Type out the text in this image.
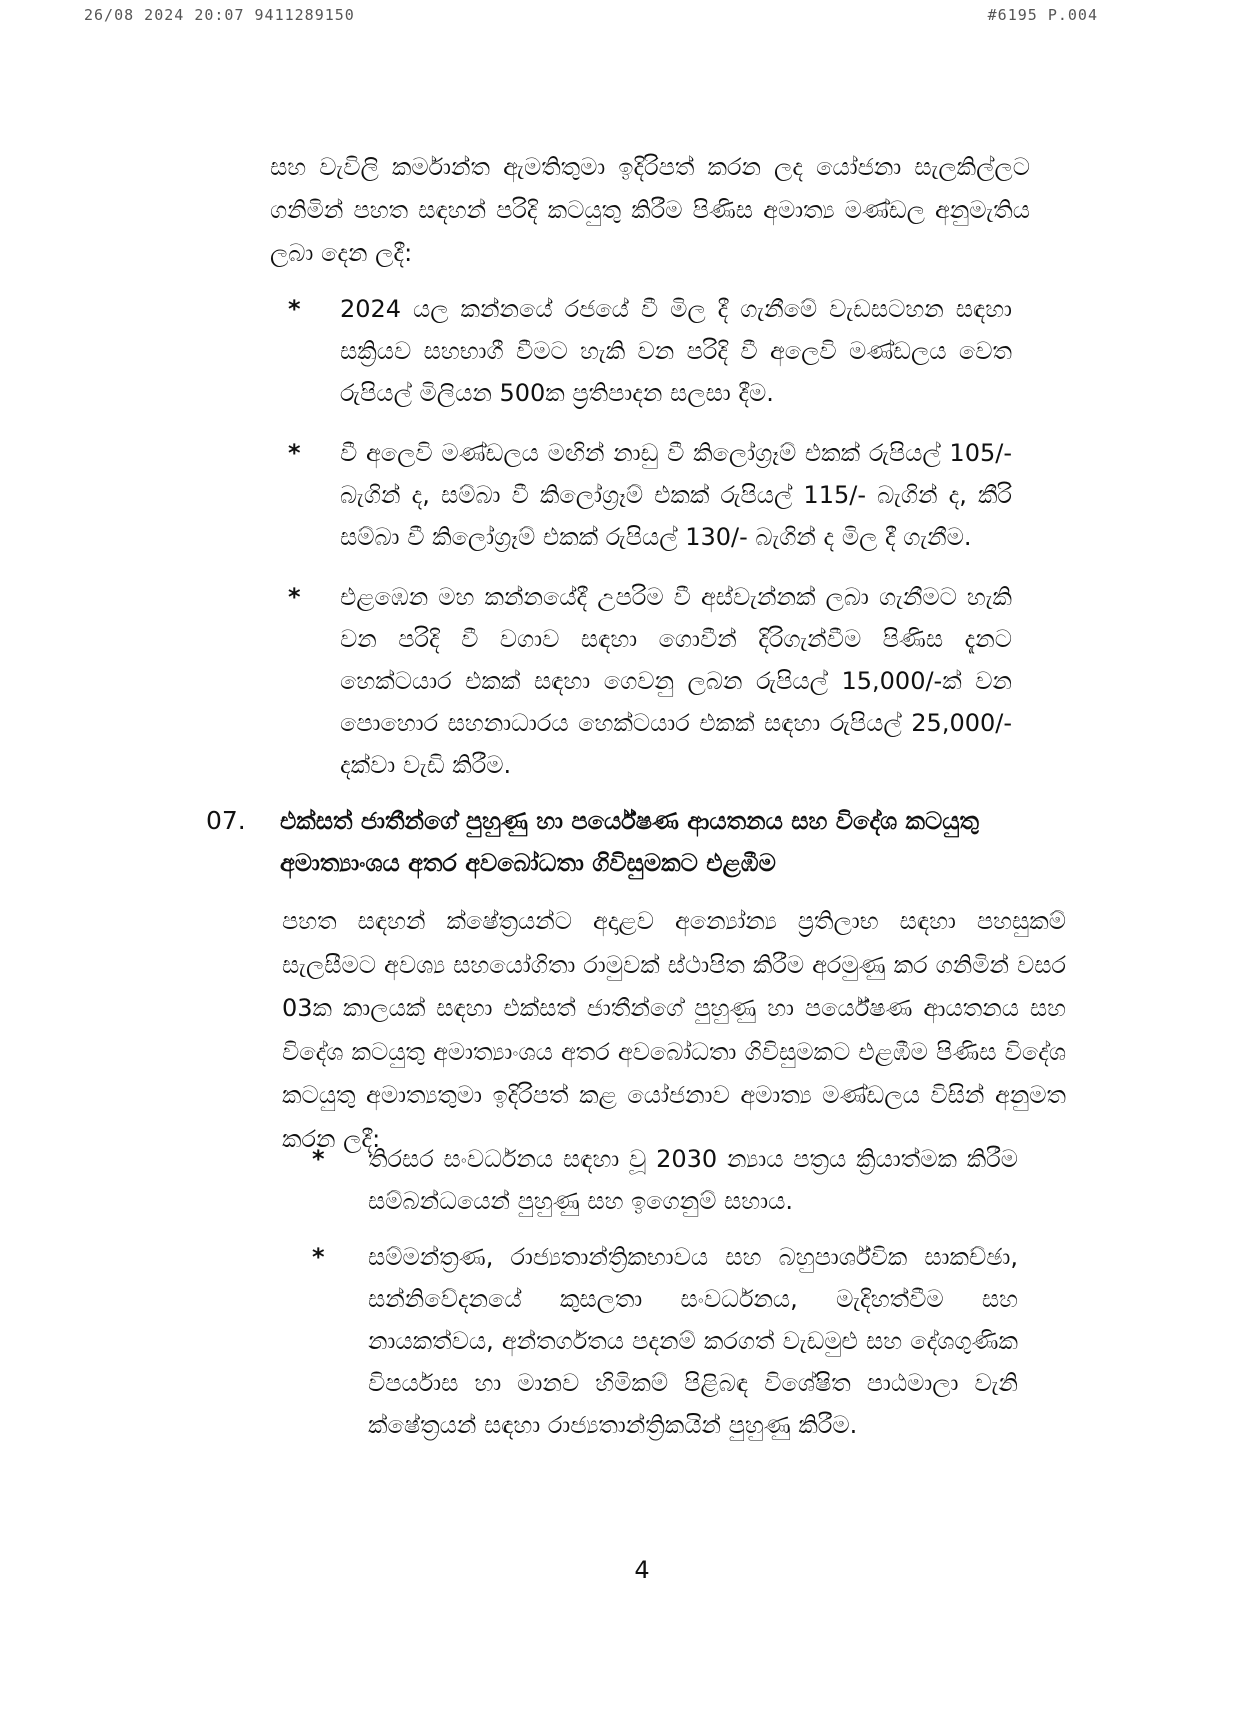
26/08 2024 20:07 9411289150	#6195 P.004

සහ වැවිලි කර්මාන්ත ඇමතිතුමා ඉදිරිපත් කරන ලද යෝජනා සැලකිල්ලට ගනිමින් පහත සඳහන් පරිදි කටයුතු කිරීම පිණිස අමාත්‍ය මණ්ඩල අනුමැතිය ලබා දෙන ලදී:

* 2024 යල කන්නයේ රජයේ වී මිල දී ගැනීමේ වැඩසටහන සඳහා සක්‍රියව සහභාගී වීමට හැකි වන පරිදි වී අලෙවි මණ්ඩලය වෙත රුපියල් මිලියන 500ක ප්‍රතිපාදන සලසා දීම.
* වී අලෙවි මණ්ඩලය මඟින් නාඩු වී කිලෝග්‍රෑම් එකක් රුපියල් 105/- බැගින් ද, සම්බා වී කිලෝග්‍රෑම් එකක් රුපියල් 115/- බැගින් ද, කීරි සම්බා වී කිලෝග්‍රෑම් එකක් රුපියල් 130/- බැගින් ද මිල දී ගැනීම.
* එළඹෙන මහ කන්නයේදී උපරිම වී අස්වැන්නක් ලබා ගැනීමට හැකි වන පරිදි වී වගාව සඳහා ගොවීන් දිරිගැන්වීම පිණිස දැනට හෙක්ටයාර එකක් සඳහා ගෙවනු ලබන රුපියල් 15,000/-ක් වන පොහොර සහනාධාරය හෙක්ටයාර එකක් සඳහා රුපියල් 25,000/- දක්වා වැඩි කිරීම.
07. එක්සත් ජාතීන්ගේ පුහුණු හා පර්යේෂණ ආයතනය සහ විදේශ කටයුතු අමාත්‍යාංශය අතර අවබෝධතා ගිවිසුමකට එළඹීම

පහත සඳහන් ක්ෂේත්‍රයන්ට අදාළව අන්‍යෝන්‍ය ප්‍රතිලාභ සඳහා පහසුකම් සැලසීමට අවශ්‍ය සහයෝගිතා රාමුවක් ස්ථාපිත කිරීම අරමුණු කර ගනිමින් වසර 03ක කාලයක් සඳහා එක්සත් ජාතීන්ගේ පුහුණු හා පර්යේෂණ ආයතනය සහ විදේශ කටයුතු අමාත්‍යාංශය අතර අවබෝධතා ගිවිසුමකට එළඹීම පිණිස විදේශ කටයුතු අමාත්‍යතුමා ඉදිරිපත් කළ යෝජනාව අමාත්‍ය මණ්ඩලය විසින් අනුමත කරන ලදී:

* තිරසර සංවර්ධනය සඳහා වූ 2030 න්‍යාය පත්‍රය ක්‍රියාත්මක කිරීම සම්බන්ධයෙන් පුහුණු සහ ඉගෙනුම් සහාය.
* සම්මන්ත්‍රණ, රාජ්‍යතාන්ත්‍රිකභාවය සහ බහුපාර්ශ්වික සාකච්ඡා, සන්නිවේදනයේ කුසලතා සංවර්ධනය, මැදිහත්වීම සහ නායකත්වය, අන්තර්ගතය පදනම් කරගත් වැඩමුළු සහ දේශගුණික විපර්යාස හා මානව හිමිකම් පිළිබඳ විශේෂිත පාඨමාලා වැනි ක්ෂේත්‍රයන් සඳහා රාජ්‍යතාන්ත්‍රිකයින් පුහුණු කිරීම.
4
